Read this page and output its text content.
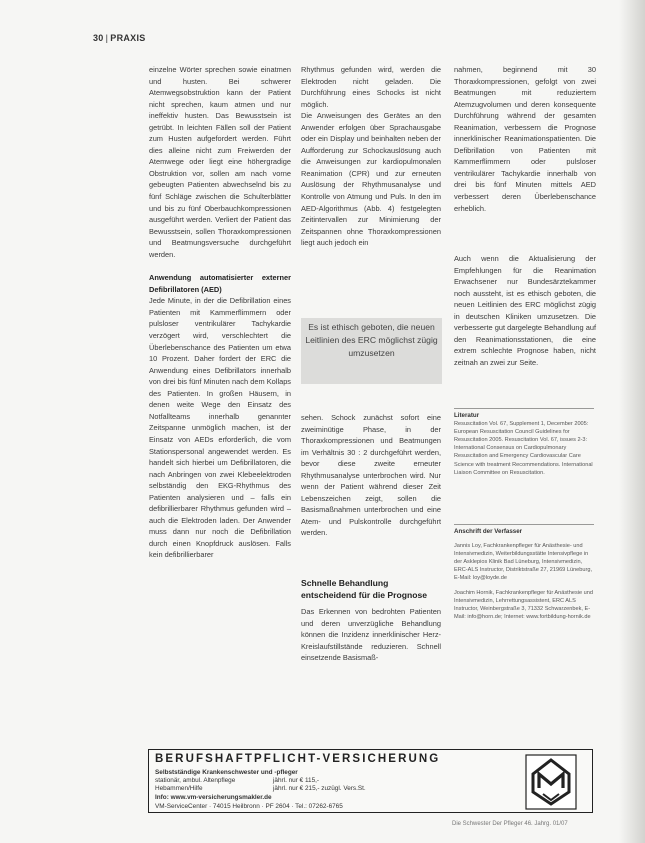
30 | PRAXIS

einzelne Wörter sprechen sowie einatmen und husten. Bei schwerer Atemwegsobstruktion kann der Patient nicht sprechen, kaum atmen und nur ineffektiv husten. Das Bewusstsein ist getrübt. In leichten Fällen soll der Patient zum Husten aufgefordert werden. Führt dies alleine nicht zum Freiwerden der Atemwege oder liegt eine höhergradige Obstruktion vor, sollen am nach vorne gebeugten Patienten abwechselnd bis zu fünf Schläge zwischen die Schulterblätter und bis zu fünf Oberbauchkompressionen ausgeführt werden. Verliert der Patient das Bewusstsein, sollen Thoraxkompressionen und Beatmungsversuche durchgeführt werden.

Anwendung automatisierter externer Defibrillatoren (AED)

Jede Minute, in der die Defibrillation eines Patienten mit Kammerflimmern oder pulsloser ventrikulärer Tachykardie verzögert wird, verschlechtert die Überlebenschance des Patienten um etwa 10 Prozent. Daher fordert der ERC die Anwendung eines Defibrillators innerhalb von drei bis fünf Minuten nach dem Kollaps des Patienten. In großen Häusern, in denen weite Wege den Einsatz des Notfallteams innerhalb genannter Zeitspanne unmöglich machen, ist der Einsatz von AEDs erforderlich, die vom Stationspersonal angewendet werden. Es handelt sich hierbei um Defibrillatoren, die nach Anbringen von zwei Klebeelektroden selbständig den EKG-Rhythmus des Patienten analysieren und – falls ein defibrillierbarer Rhythmus gefunden wird – auch die Elektroden laden. Der Anwender muss dann nur noch die Defibrillation durch einen Knopfdruck auslösen. Falls kein defibrillierbarer

Rhythmus gefunden wird, werden die Elektroden nicht geladen. Die Durchführung eines Schocks ist nicht möglich.

Die Anweisungen des Gerätes an den Anwender erfolgen über Sprachausgabe oder ein Display und beinhalten neben der Aufforderung zur Schockauslösung auch die Anweisungen zur kardiopulmonalen Reanimation (CPR) und zur erneuten Auslösung der Rhythmusanalyse und Kontrolle von Atmung und Puls. In den im AED-Algorithmus (Abb. 4) festgelegten Zeitintervallen zur Minimierung der Zeitspannen ohne Thoraxkompressionen liegt auch jedoch ein

Es ist ethisch geboten, die neuen Leitlinien des ERC möglichst zügig umzusetzen

sehen. Schock zunächst sofort eine zweiminütige Phase, in der Thoraxkompressionen und Beatmungen im Verhältnis 30 : 2 durchgeführt werden, bevor diese zweite erneuter Rhythmusanalyse unterbrochen wird. Nur wenn der Patient während dieser Zeit Lebenszeichen zeigt, sollen die Basismaßnahmen unterbrochen und eine Atem- und Pulskontrolle durchgeführt werden.

Schnelle Behandlung entscheidend für die Prognose

Das Erkennen von bedrohten Patienten und deren unverzügliche Behandlung können die Inzidenz innerklinischer Herz-Kreislaufstillstände reduzieren. Schnell einsetzende Basismaß-

nahmen, beginnend mit 30 Thoraxkompressionen, gefolgt von zwei Beatmungen mit reduziertem Atemzugvolumen und deren konsequente Durchführung während der gesamten Reanimation, verbessern die Prognose innerklinischer Reanimationspatienten. Die Defibrillation von Patienten mit Kammerflimmern oder pulsloser ventrikulärer Tachykardie innerhalb von drei bis fünf Minuten mittels AED verbessert deren Überlebenschance erheblich.

Auch wenn die Aktualisierung der Empfehlungen für die Reanimation Erwachsener nur Bundesärztekammer noch aussteht, ist es ethisch geboten, die neuen Leitlinien des ERC möglichst zügig in deutschen Kliniken umzusetzen. Die verbesserte gut dargelegte Behandlung auf den Reanimationsstationen, die eine extrem schlechte Prognose haben, nicht zeitnah an zwei zur Seite.

Literatur
Resuscitation Vol. 67, Supplement 1, December 2005: European Resuscitation Council Guidelines for Resuscitation 2005. Resuscitation Vol. 67, issues 2-3: International Consensus on Cardiopulmonary Resuscitation and Emergency Cardiovascular Care Science with treatment Recommendations. International Liaison Committee on Resuscitation.
Anschrift der Verfasser
Jannis Loy, Fachkrankenpfleger für Anästhesie- und Intensivmedizin, Weiterbildungsstätte Intensivpflege in der Asklepios Klinik Bad Lüneburg, Intensivmedizin, ERC-ALS Instructor, Distriktstraße 27, 21969 Lüneburg, E-Mail: loy@loyde.de
Joachim Hornik, Fachkrankenpfleger für Anästhesie und Intensivmedizin, Lehrrettungsassistent, ERC ALS Instructor, Weinbergstraße 3, 71332 Schwarzenbek, E-Mail: info@horn.de; Internet: www.fortbildung-hornik.de
BERUFSHAFTPFLICHT-VERSICHERUNG
Selbstständige Krankenschwester und -pfleger
stationär, ambul. Altenpflege	jährl. nur € 115,-
Hebammen/Hilfe	jährl. nur € 215,- zuzügl. Vers.St.
Info: www.vm-versicherungsmakler.de
VM-ServiceCenter · 74015 Heilbronn · PF 2604 · Tel.: 07262-6765
Die Schwester Der Pfleger 46. Jahrg. 01/07
